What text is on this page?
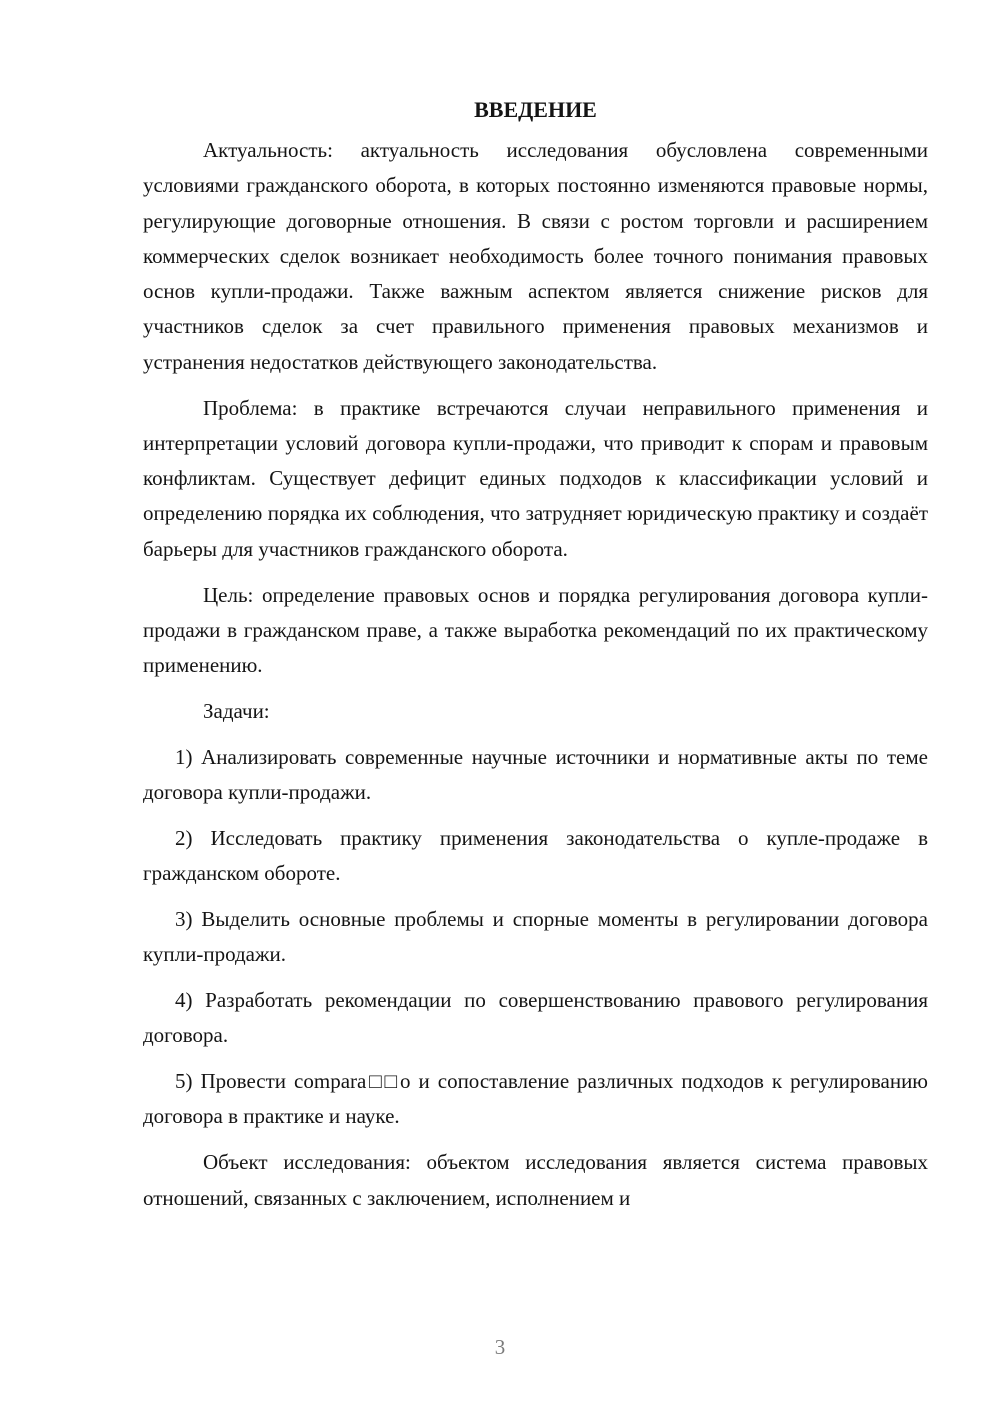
ВВЕДЕНИЕ

Актуальность: актуальность исследования обусловлена современными условиями гражданского оборота, в которых постоянно изменяются правовые нормы, регулирующие договорные отношения. В связи с ростом торговли и расширением коммерческих сделок возникает необходимость более точного понимания правовых основ купли-продажи. Также важным аспектом является снижение рисков для участников сделок за счет правильного применения правовых механизмов и устранения недостатков действующего законодательства.

Проблема: в практике встречаются случаи неправильного применения и интерпретации условий договора купли-продажи, что приводит к спорам и правовым конфликтам. Существует дефицит единых подходов к классификации условий и определению порядка их соблюдения, что затрудняет юридическую практику и создаёт барьеры для участников гражданского оборота.

Цель: определение правовых основ и порядка регулирования договора купли-продажи в гражданском праве, а также выработка рекомендаций по их практическому применению.

Задачи:

1) Анализировать современные научные источники и нормативные акты по теме договора купли-продажи.

2) Исследовать практику применения законодательства о купле-продаже в гражданском обороте.

3) Выделить основные проблемы и спорные моменты в регулировании договора купли-продажи.

4) Разработать рекомендации по совершенствованию правового регулирования договора.

5) Провести compara□□o и сопоставление различных подходов к регулированию договора в практике и науке.

Объект исследования: объектом исследования является система правовых отношений, связанных с заключением, исполнением и

3
